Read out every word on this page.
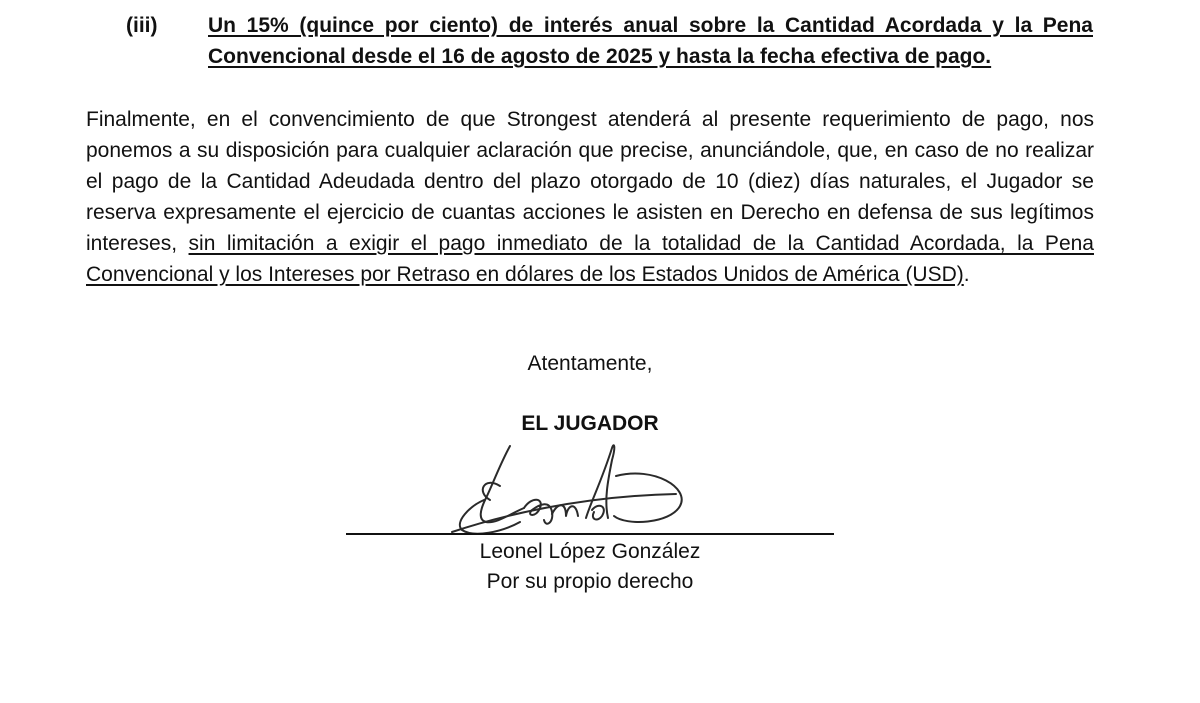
(iii) Un 15% (quince por ciento) de interés anual sobre la Cantidad Acordada y la Pena Convencional desde el 16 de agosto de 2025 y hasta la fecha efectiva de pago.

Finalmente, en el convencimiento de que Strongest atenderá al presente requerimiento de pago, nos ponemos a su disposición para cualquier aclaración que precise, anunciándole, que, en caso de no realizar el pago de la Cantidad Adeudada dentro del plazo otorgado de 10 (diez) días naturales, el Jugador se reserva expresamente el ejercicio de cuantas acciones le asisten en Derecho en defensa de sus legítimos intereses, sin limitación a exigir el pago inmediato de la totalidad de la Cantidad Acordada, la Pena Convencional y los Intereses por Retraso en dólares de los Estados Unidos de América (USD).

Atentamente,
EL JUGADOR
Leonel López González
Por su propio derecho
